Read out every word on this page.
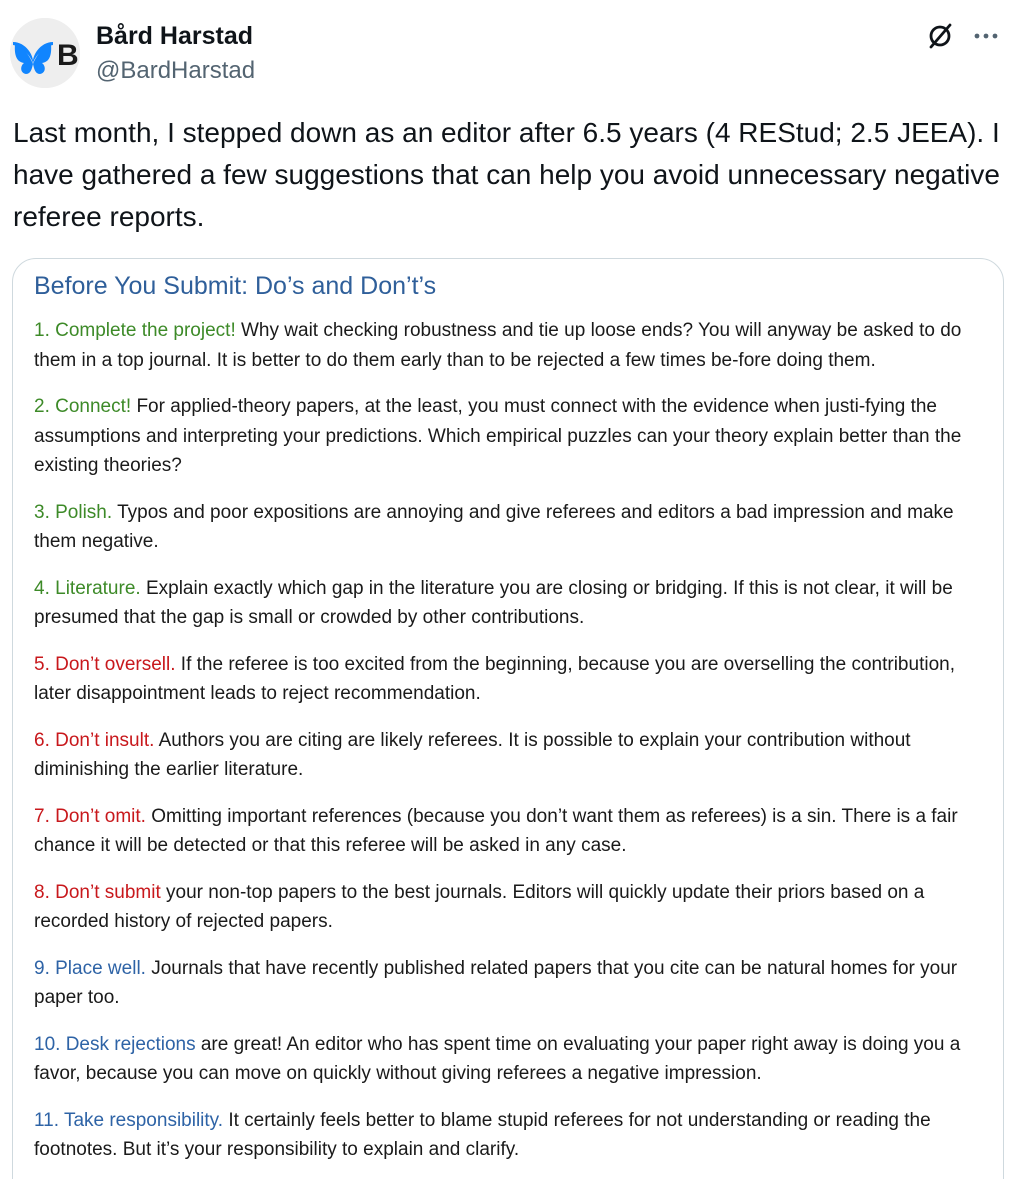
B
Bård Harstad
@BardHarstad
Last month, I stepped down as an editor after 6.5 years (4 REStud; 2.5 JEEA). I have gathered a few suggestions that can help you avoid unnecessary negative referee reports.
Before You Submit: Do’s and Don’t’s
1. Complete the project! Why wait checking robustness and tie up loose ends? You will anyway be asked to do them in a top journal. It is better to do them early than to be rejected a few times be-fore doing them.
2. Connect! For applied-theory papers, at the least, you must connect with the evidence when justi-fying the assumptions and interpreting your predictions. Which empirical puzzles can your theory explain better than the existing theories?
3. Polish. Typos and poor expositions are annoying and give referees and editors a bad impression and make them negative.
4. Literature. Explain exactly which gap in the literature you are closing or bridging. If this is not clear, it will be presumed that the gap is small or crowded by other contributions.
5. Don’t oversell. If the referee is too excited from the beginning, because you are overselling the contribution, later disappointment leads to reject recommendation.
6. Don’t insult. Authors you are citing are likely referees. It is possible to explain your contribution without diminishing the earlier literature.
7. Don’t omit. Omitting important references (because you don’t want them as referees) is a sin. There is a fair chance it will be detected or that this referee will be asked in any case.
8. Don’t submit your non-top papers to the best journals. Editors will quickly update their priors based on a recorded history of rejected papers.
9. Place well. Journals that have recently published related papers that you cite can be natural homes for your paper too.
10. Desk rejections are great! An editor who has spent time on evaluating your paper right away is doing you a favor, because you can move on quickly without giving referees a negative impression.
11. Take responsibility. It certainly feels better to blame stupid referees for not understanding or reading the footnotes. But it’s your responsibility to explain and clarify.
